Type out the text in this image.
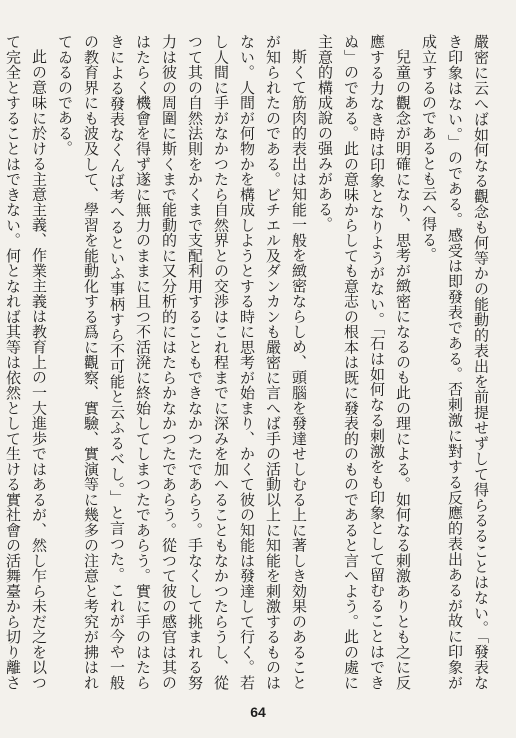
嚴密に云へば如何なる觀念も何等かの能動的表出を前提せずして得らるることはない。「發表なき印象はない。」のである。感受は即發表である。否刺激に對する反應的表出あるが故に印象が成立するのであるとも云へ得る。

兒童の觀念が明確になり、思考が緻密になるのも此の理による。如何なる刺激ありとも之に反應する力なき時は印象となりようがない。「石は如何なる刺激をも印象として留むることはできぬ」のである。此の意味からしても意志の根本は既に發表的のものであると言へよう。此の處に主意的構成說の强みがある。

斯くて筋肉的表出は知能一般を緻密ならしめ、頭腦を發達せしむる上に著しき効果のあることが知られたのである。ビチエル及ダンカンも嚴密に言へば手の活動以上に知能を刺激するものはない。人間が何物かを構成しようとする時に思考が始まり、かくて彼の知能は發達して行く。若し人間に手がなかつたら自然界との交渉はこれ程までに深みを加へることもなかつたらうし、從つて其の自然法則をかくまで支配利用することもできなかつたであらう。手なくして挑まれる努力は彼の周圍に斯くまで能動的に又分析的にはたらかなかつたであらう。從つて彼の感官は其のはたらく機會を得ず遂に無力のままに且つ不活溌に終始してしまつたであらう。實に手のはたらきによる發表なくんば考へるといふ事柄すら不可能と云ふるべし。」と言つた。これが今や一般の教育界にも波及して、學習を能動化する爲に觀察、實驗、實演等に幾多の注意と考究が拂はれてゐるのである。

此の意味に於ける主意主義、作業主義は教育上の一大進歩ではあるが、然し乍ら未だ之を以つて完全とすることはできない。何となれば其等は依然として生ける實社會の活舞臺から切り離さ

64
